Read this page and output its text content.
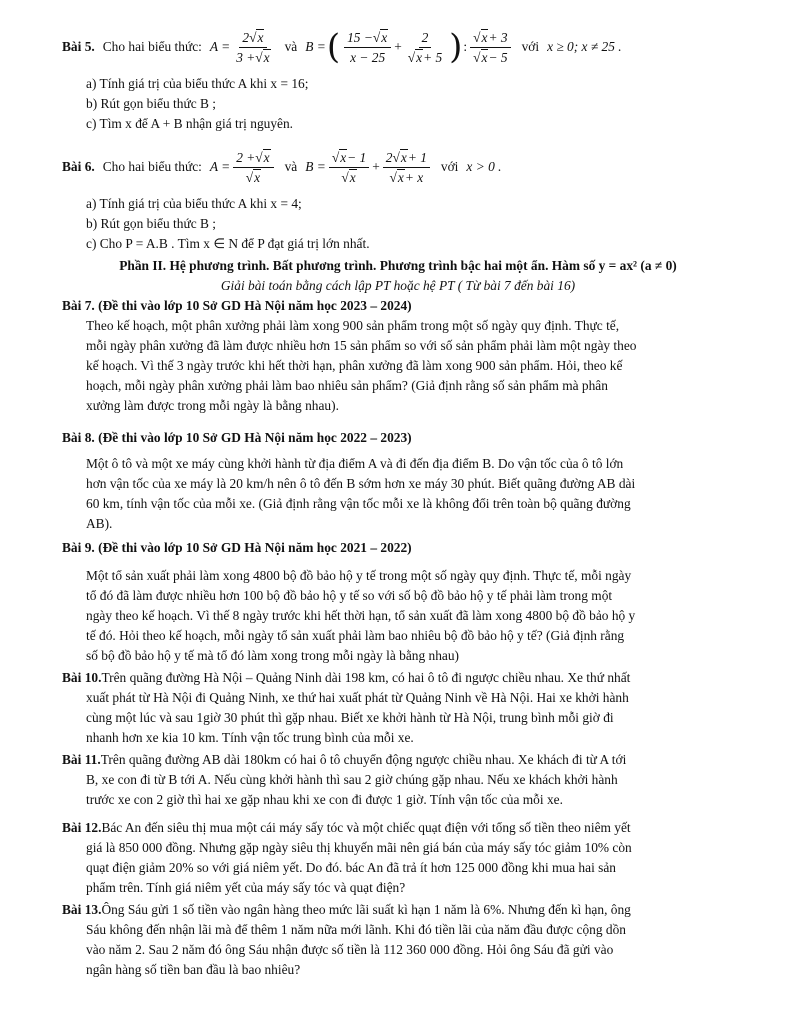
Bài 5. Cho hai biểu thức: $A = \frac{2√x}{3 +√x}$ và B = ( $\frac{15 -√x}{x - 25} + \frac{2}{√x+ 5}$ ) : $\frac{√x+ 3}{√x- 5}$ với x ≥ 0; x ≠ 25 .
a) Tính giá trị của biểu thức A khi x = 16;
b) Rút gọn biểu thức B ;
c) Tìm x để A + B nhận giá trị nguyên.
Bài 6. Cho hai biểu thức: $A = \frac{2 +√x}{√x}$ và $B = \frac{√x- 1}{√x} + \frac{2√x+ 1}{√x+ x}$ với x > 0 .
a) Tính giá trị của biểu thức A khi x = 4;
b) Rút gọn biểu thức B ;
c) Cho P = A.B . Tìm x ∈ N để P đạt giá trị lớn nhất.
Phần II. Hệ phương trình. Bất phương trình. Phương trình bậc hai một ẩn. Hàm số y = ax² (a ≠ 0)
Giải bài toán bằng cách lập PT hoặc hệ PT ( Từ bài 7 đến bài 16)
Bài 7. (Đề thi vào lớp 10 Sở GD Hà Nội năm học 2023 – 2024)
Theo kế hoạch, một phân xưởng phải làm xong 900 sản phẩm trong một số ngày quy định. Thực tế,
mỗi ngày phân xưởng đã làm được nhiều hơn 15 sản phẩm so với số sản phẩm phải làm một ngày theo
kế hoạch. Vì thế 3 ngày trước khi hết thời hạn, phân xưởng đã làm xong 900 sản phẩm. Hỏi, theo kế
hoạch, mỗi ngày phân xưởng phải làm bao nhiêu sản phẩm? (Giả định rằng số sản phẩm mà phân
xưởng làm được trong mỗi ngày là bằng nhau).
Bài 8. (Đề thi vào lớp 10 Sở GD Hà Nội năm học 2022 – 2023)
Một ô tô và một xe máy cùng khởi hành từ địa điểm A và đi đến địa điểm B. Do vận tốc của ô tô lớn
hơn vận tốc của xe máy là 20 km/h nên ô tô đến B sớm hơn xe máy 30 phút. Biết quãng đường AB dài
60 km, tính vận tốc của mỗi xe. (Giả định rằng vận tốc mỗi xe là không đổi trên toàn bộ quãng đường
AB).
Bài 9. (Đề thi vào lớp 10 Sở GD Hà Nội năm học 2021 – 2022)
Một tổ sản xuất phải làm xong 4800 bộ đồ bảo hộ y tế trong một số ngày quy định. Thực tế, mỗi ngày
tổ đó đã làm được nhiều hơn 100 bộ đồ bảo hộ y tế so với số bộ đồ bảo hộ y tế phải làm trong một
ngày theo kế hoạch. Vì thế 8 ngày trước khi hết thời hạn, tổ sản xuất đã làm xong 4800 bộ đồ bảo hộ y
tế đó. Hỏi theo kế hoạch, mỗi ngày tổ sản xuất phải làm bao nhiêu bộ đồ bảo hộ y tế? (Giả định rằng
số bộ đồ bảo hộ y tế mà tổ đó làm xong trong mỗi ngày là bằng nhau)
Bài 10.Trên quãng đường Hà Nội – Quảng Ninh dài 198 km, có hai ô tô đi ngược chiều nhau. Xe thứ nhất
xuất phát từ Hà Nội đi Quảng Ninh, xe thứ hai xuất phát từ Quảng Ninh về Hà Nội. Hai xe khởi hành
cùng một lúc và sau 1giờ 30 phút thì gặp nhau. Biết xe khởi hành từ Hà Nội, trung bình mỗi giờ đi
nhanh hơn xe kia 10 km. Tính vận tốc trung bình của mỗi xe.
Bài 11.Trên quãng đường AB dài 180km có hai ô tô chuyển động ngược chiều nhau. Xe khách đi từ A tới
B, xe con đi từ B tới A. Nếu cùng khởi hành thì sau 2 giờ chúng gặp nhau. Nếu xe khách khởi hành
trước xe con 2 giờ thì hai xe gặp nhau khi xe con đi được 1 giờ. Tính vận tốc của mỗi xe.
Bài 12.Bác An đến siêu thị mua một cái máy sấy tóc và một chiếc quạt điện với tổng số tiền theo niêm yết
giá là 850 000 đồng. Nhưng gặp ngày siêu thị khuyến mãi nên giá bán của máy sấy tóc giảm 10% còn
quạt điện giảm 20% so với giá niêm yết. Do đó. bác An đã trả ít hơn 125 000 đồng khi mua hai sản
phẩm trên. Tính giá niêm yết của máy sấy tóc và quạt điện?
Bài 13.Ông Sáu gửi 1 số tiền vào ngân hàng theo mức lãi suất kì hạn 1 năm là 6%. Nhưng đến kì hạn, ông
Sáu không đến nhận lãi mà để thêm 1 năm nữa mới lãnh. Khi đó tiền lãi của năm đầu được cộng dồn
vào năm 2. Sau 2 năm đó ông Sáu nhận được số tiền là 112 360 000 đồng. Hỏi ông Sáu đã gửi vào
ngân hàng số tiền ban đầu là bao nhiêu?
